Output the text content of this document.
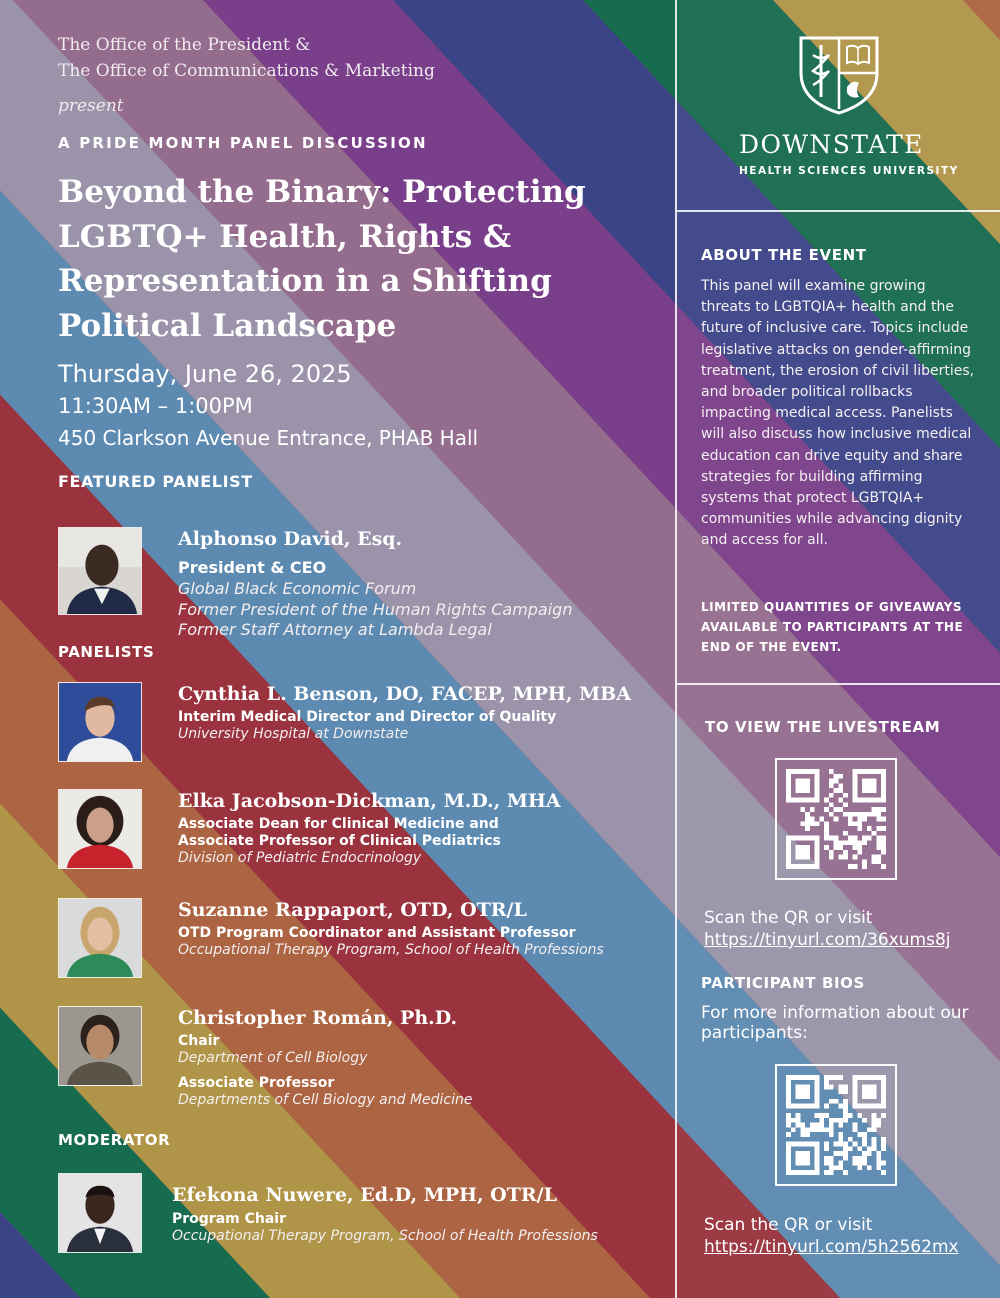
The Office of the President &
The Office of Communications & Marketing
present
A PRIDE MONTH PANEL DISCUSSION
Beyond the Binary: Protecting LGBTQ+ Health, Rights & Representation in a Shifting Political Landscape
Thursday, June 26, 2025
11:30AM – 1:00PM
450 Clarkson Avenue Entrance, PHAB Hall
FEATURED PANELIST
Alphonso David, Esq.
President & CEO
Global Black Economic Forum
Former President of the Human Rights Campaign
Former Staff Attorney at Lambda Legal
PANELISTS
Cynthia L. Benson, DO, FACEP, MPH, MBA
Interim Medical Director and Director of Quality
University Hospital at Downstate
Elka Jacobson-Dickman, M.D., MHA
Associate Dean for Clinical Medicine and
Associate Professor of Clinical Pediatrics
Division of Pediatric Endocrinology
Suzanne Rappaport, OTD, OTR/L
OTD Program Coordinator and Assistant Professor
Occupational Therapy Program, School of Health Professions
Christopher Román, Ph.D.
Chair
Department of Cell Biology
Associate Professor
Departments of Cell Biology and Medicine
MODERATOR
Efekona Nuwere, Ed.D, MPH, OTR/L
Program Chair
Occupational Therapy Program, School of Health Professions
DOWNSTATE
HEALTH SCIENCES UNIVERSITY
ABOUT THE EVENT
This panel will examine growing threats to LGBTQIA+ health and the future of inclusive care. Topics include legislative attacks on gender-affirming treatment, the erosion of civil liberties, and broader political rollbacks impacting medical access. Panelists will also discuss how inclusive medical education can drive equity and share strategies for building affirming systems that protect LGBTQIA+ communities while advancing dignity and access for all.
LIMITED QUANTITIES OF GIVEAWAYS AVAILABLE TO PARTICIPANTS AT THE END OF THE EVENT.
TO VIEW THE LIVESTREAM
Scan the QR or visit
https://tinyurl.com/36xums8j
PARTICIPANT BIOS
For more information about our participants:
Scan the QR or visit
https://tinyurl.com/5h2562mx
